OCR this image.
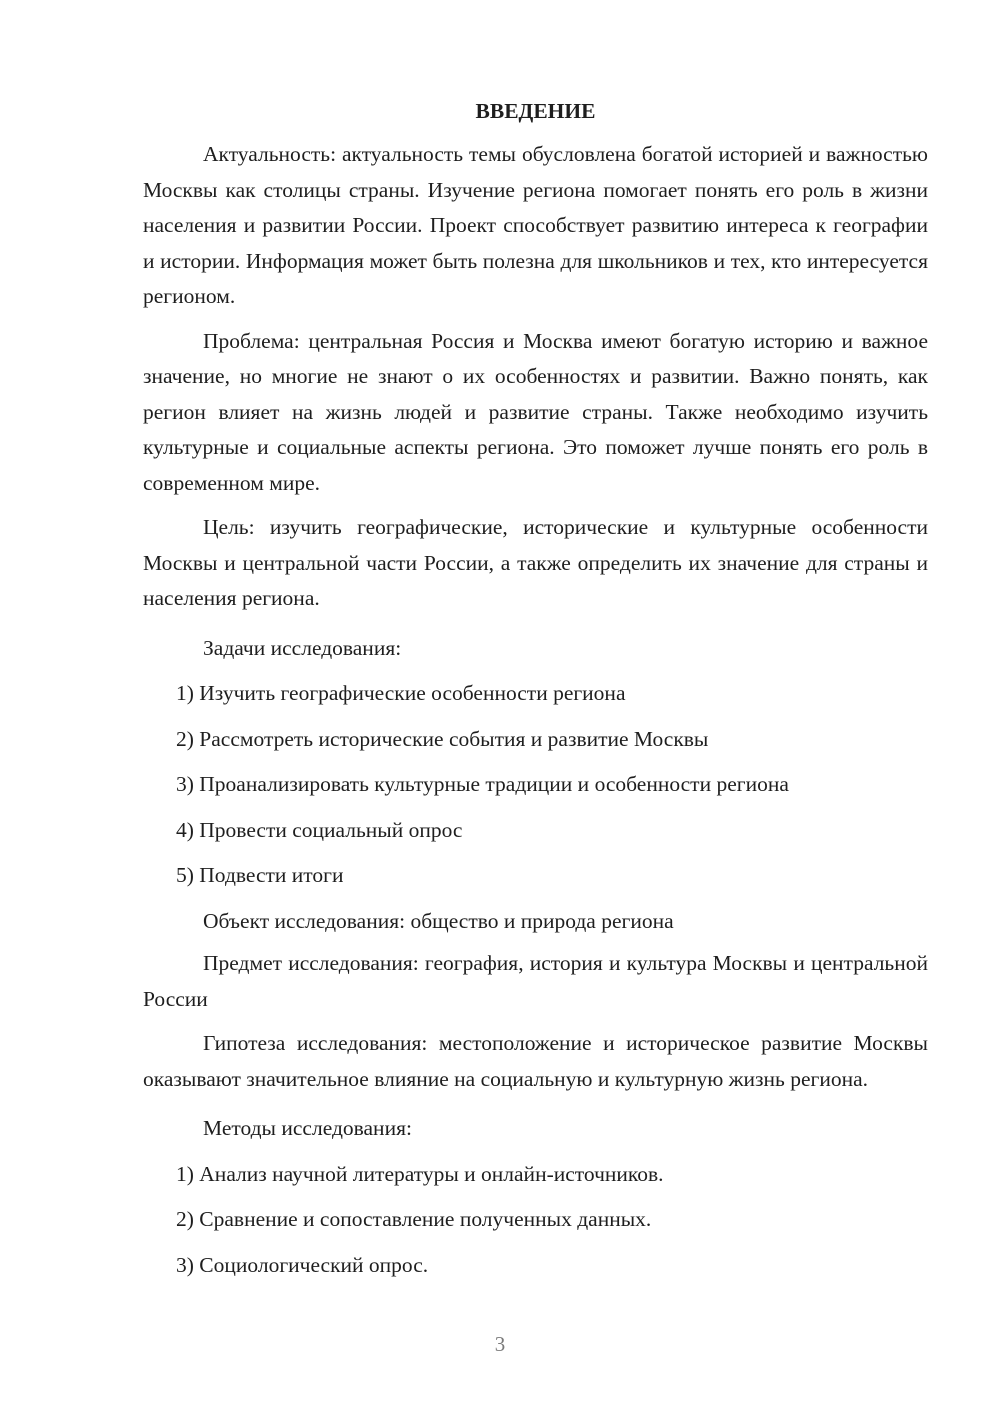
ВВЕДЕНИЕ

Актуальность: актуальность темы обусловлена богатой историей и важностью Москвы как столицы страны. Изучение региона помогает понять его роль в жизни населения и развитии России. Проект способствует развитию интереса к географии и истории. Информация может быть полезна для школьников и тех, кто интересуется регионом.

Проблема: центральная Россия и Москва имеют богатую историю и важное значение, но многие не знают о их особенностях и развитии. Важно понять, как регион влияет на жизнь людей и развитие страны. Также необходимо изучить культурные и социальные аспекты региона. Это поможет лучше понять его роль в современном мире.

Цель: изучить географические, исторические и культурные особенности Москвы и центральной части России, а также определить их значение для страны и населения региона.

Задачи исследования:
1) Изучить географические особенности региона
2) Рассмотреть исторические события и развитие Москвы
3) Проанализировать культурные традиции и особенности региона
4) Провести социальный опрос
5) Подвести итоги
Объект исследования: общество и природа региона

Предмет исследования: география, история и культура Москвы и центральной России

Гипотеза исследования: местоположение и историческое развитие Москвы оказывают значительное влияние на социальную и культурную жизнь региона.

Методы исследования:
1) Анализ научной литературы и онлайн-источников.
2) Сравнение и сопоставление полученных данных.
3) Социологический опрос.
3
